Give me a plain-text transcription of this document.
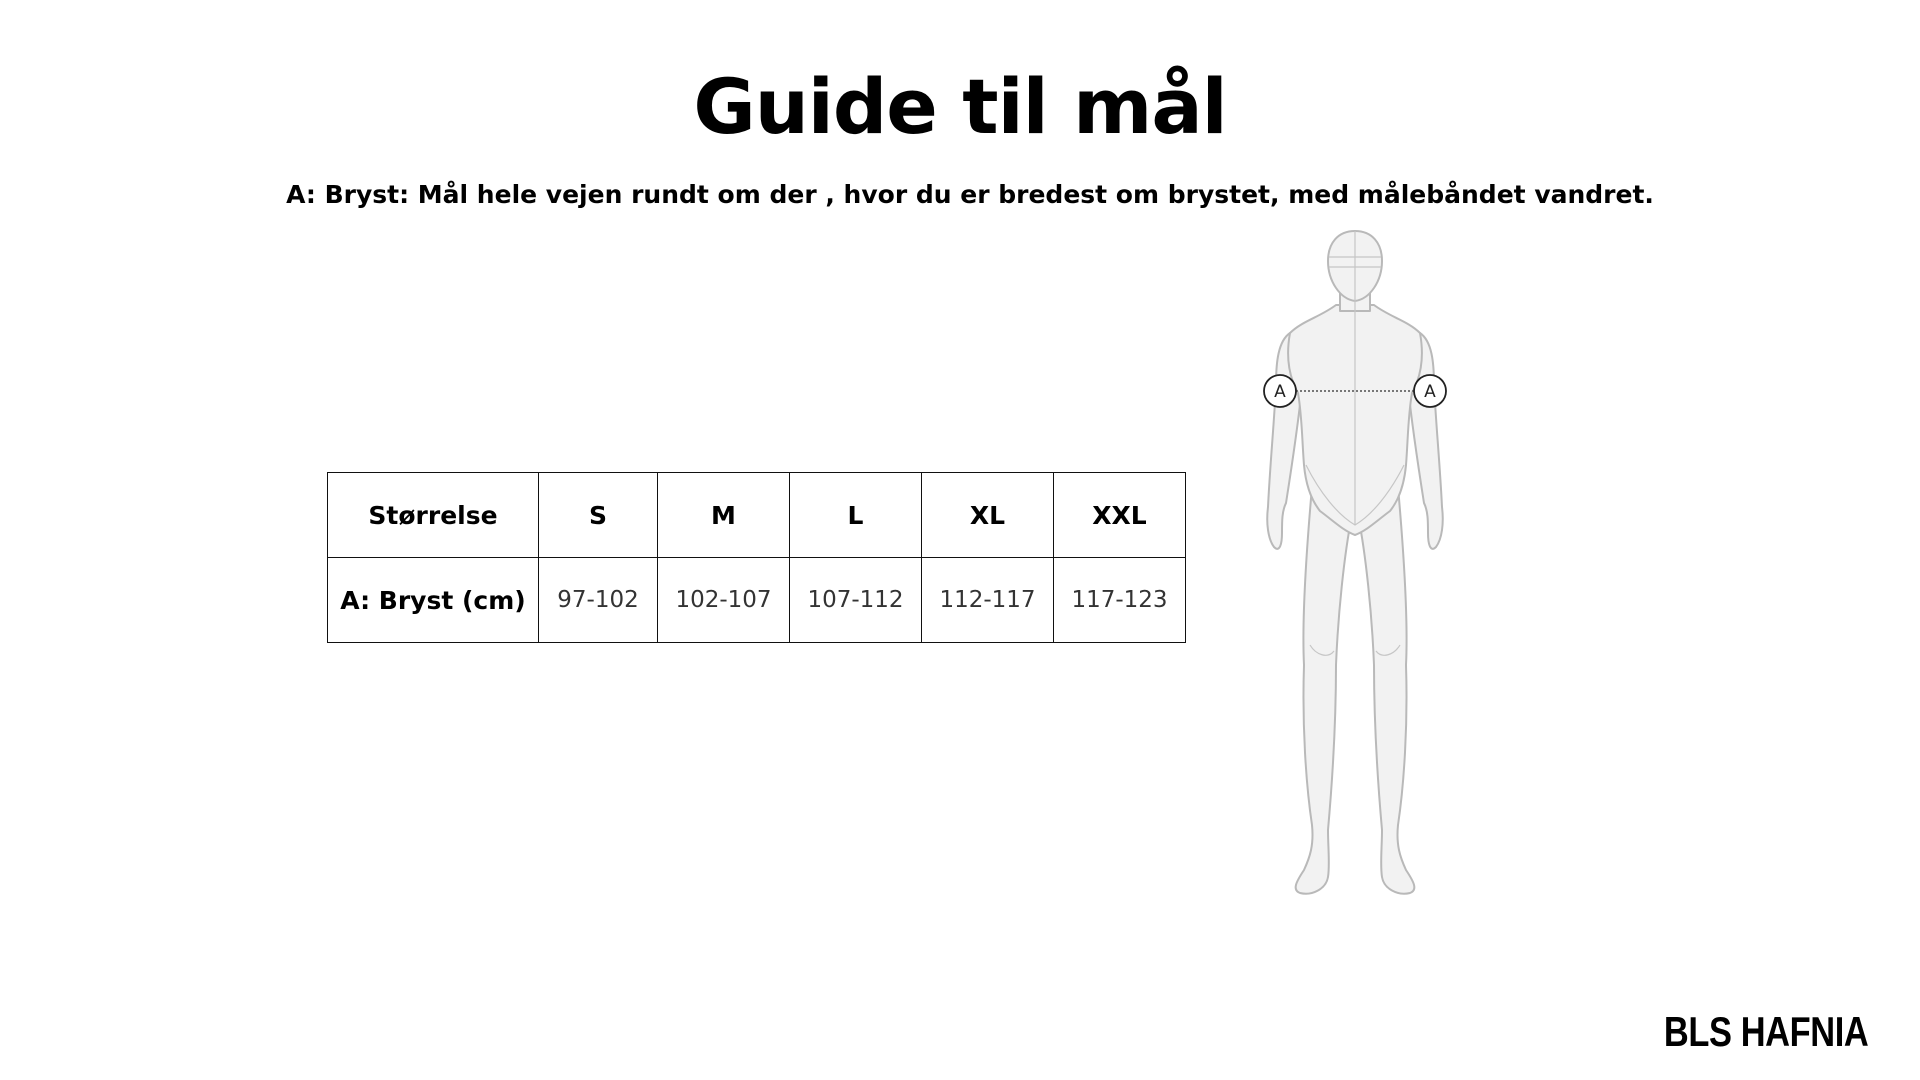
Guide til mål

A: Bryst: Mål hele vejen rundt om der , hvor du er bredest om brystet, med målebåndet vandret.

Størrelse	S	M	L	XL	XXL
A: Bryst (cm)	97-102	102-107	107-112	112-117	117-123
A	A
BLS HAFNIA
